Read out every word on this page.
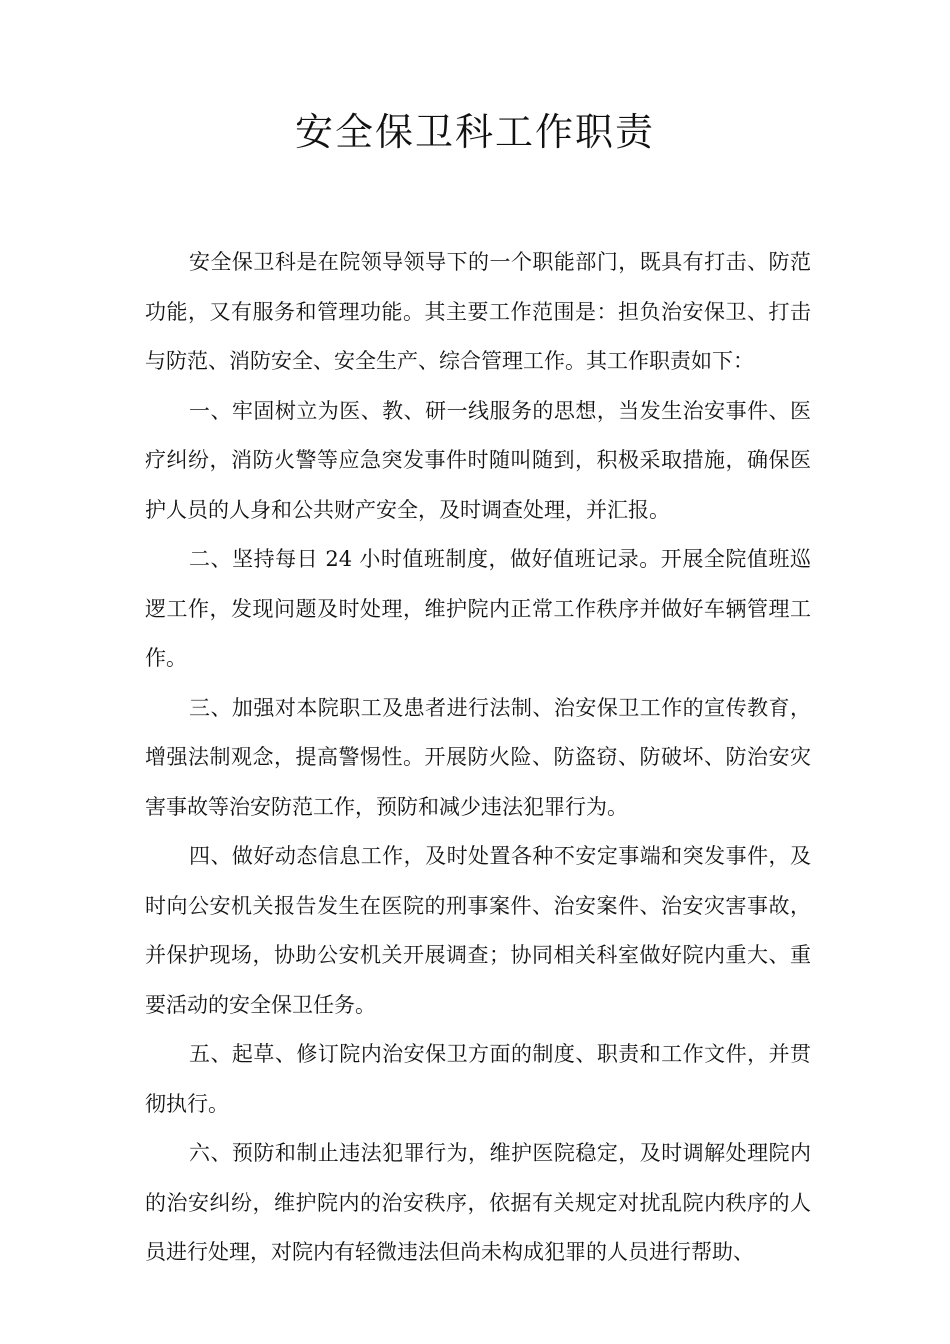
安全保卫科工作职责

安全保卫科是在院领导领导下的一个职能部门，既具有打击、防范功能，又有服务和管理功能。其主要工作范围是：担负治安保卫、打击与防范、消防安全、安全生产、综合管理工作。其工作职责如下：

一、牢固树立为医、教、研一线服务的思想，当发生治安事件、医疗纠纷，消防火警等应急突发事件时随叫随到，积极采取措施，确保医护人员的人身和公共财产安全，及时调查处理，并汇报。

二、坚持每日 24 小时值班制度，做好值班记录。开展全院值班巡逻工作，发现问题及时处理，维护院内正常工作秩序并做好车辆管理工作。

三、加强对本院职工及患者进行法制、治安保卫工作的宣传教育，增强法制观念，提高警惕性。开展防火险、防盗窃、防破坏、防治安灾害事故等治安防范工作，预防和减少违法犯罪行为。

四、做好动态信息工作，及时处置各种不安定事端和突发事件，及时向公安机关报告发生在医院的刑事案件、治安案件、治安灾害事故，并保护现场，协助公安机关开展调查；协同相关科室做好院内重大、重要活动的安全保卫任务。

五、起草、修订院内治安保卫方面的制度、职责和工作文件，并贯彻执行。

六、预防和制止违法犯罪行为，维护医院稳定，及时调解处理院内的治安纠纷，维护院内的治安秩序，依据有关规定对扰乱院内秩序的人员进行处理，对院内有轻微违法但尚未构成犯罪的人员进行帮助、
